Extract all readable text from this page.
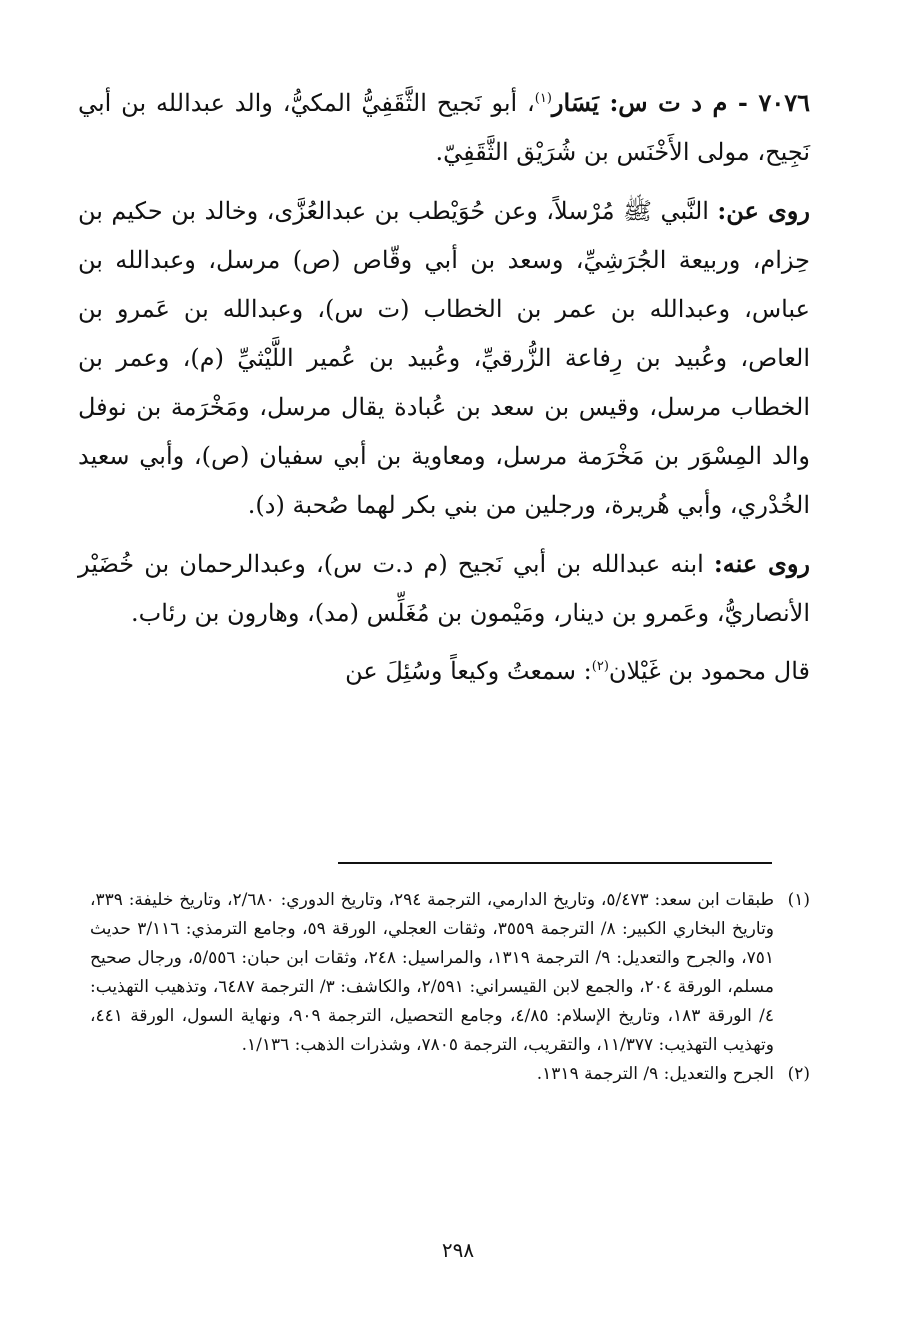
٧٠٧٦ - م د ت س: يَسَار$^{(١)}$، أبو نَجيح الثَّقَفِيُّ المكيُّ، والد عبدالله بن أبي نَجِيح، مولى الأَخْنَس بن شُرَيْق الثَّقَفِيّ.

روى عن: النَّبي ﷺ مُرْسلاً، وعن حُوَيْطب بن عبدالعُزَّى، وخالد بن حكيم بن حِزام، وربيعة الجُرَشِيِّ، وسعد بن أبي وقّاص (ص) مرسل، وعبدالله بن عباس، وعبدالله بن عمر بن الخطاب (ت س)، وعبدالله بن عَمرو بن العاص، وعُبيد بن رِفاعة الزُّرقيِّ، وعُبيد بن عُمير اللَّيْثيِّ (م)، وعمر بن الخطاب مرسل، وقيس بن سعد بن عُبادة يقال مرسل، ومَخْرَمة بن نوفل والد المِسْوَر بن مَخْرَمة مرسل، ومعاوية بن أبي سفيان (ص)، وأبي سعيد الخُدْري، وأبي هُريرة، ورجلين من بني بكر لهما صُحبة (د).

روى عنه: ابنه عبدالله بن أبي نَجيح (م د.ت س)، وعبدالرحمان بن خُضَيْر الأنصاريُّ، وعَمرو بن دينار، ومَيْمون بن مُغَلِّس (مد)، وهارون بن رئاب.

قال محمود بن غَيْلان$^{(٢)}$: سمعتُ وكيعاً وسُئِلَ عن

(١)
طبقات ابن سعد: ٥/٤٧٣، وتاريخ الدارمي، الترجمة ٢٩٤، وتاريخ الدوري: ٢/٦٨٠، وتاريخ خليفة: ٣٣٩، وتاريخ البخاري الكبير: ٨/ الترجمة ٣٥٥٩، وثقات العجلي، الورقة ٥٩، وجامع الترمذي: ٣/١١٦ حديث ٧٥١، والجرح والتعديل: ٩/ الترجمة ١٣١٩، والمراسيل: ٢٤٨، وثقات ابن حبان: ٥/٥٥٦، ورجال صحيح مسلم، الورقة ٢٠٤، والجمع لابن القيسراني: ٢/٥٩١، والكاشف: ٣/ الترجمة ٦٤٨٧، وتذهيب التهذيب: ٤/ الورقة ١٨٣، وتاريخ الإسلام: ٤/٨٥، وجامع التحصيل، الترجمة ٩٠٩، ونهاية السول، الورقة ٤٤١، وتهذيب التهذيب: ١١/٣٧٧، والتقريب، الترجمة ٧٨٠٥، وشذرات الذهب: ١/١٣٦.
(٢)
الجرح والتعديل: ٩/ الترجمة ١٣١٩.
٢٩٨
